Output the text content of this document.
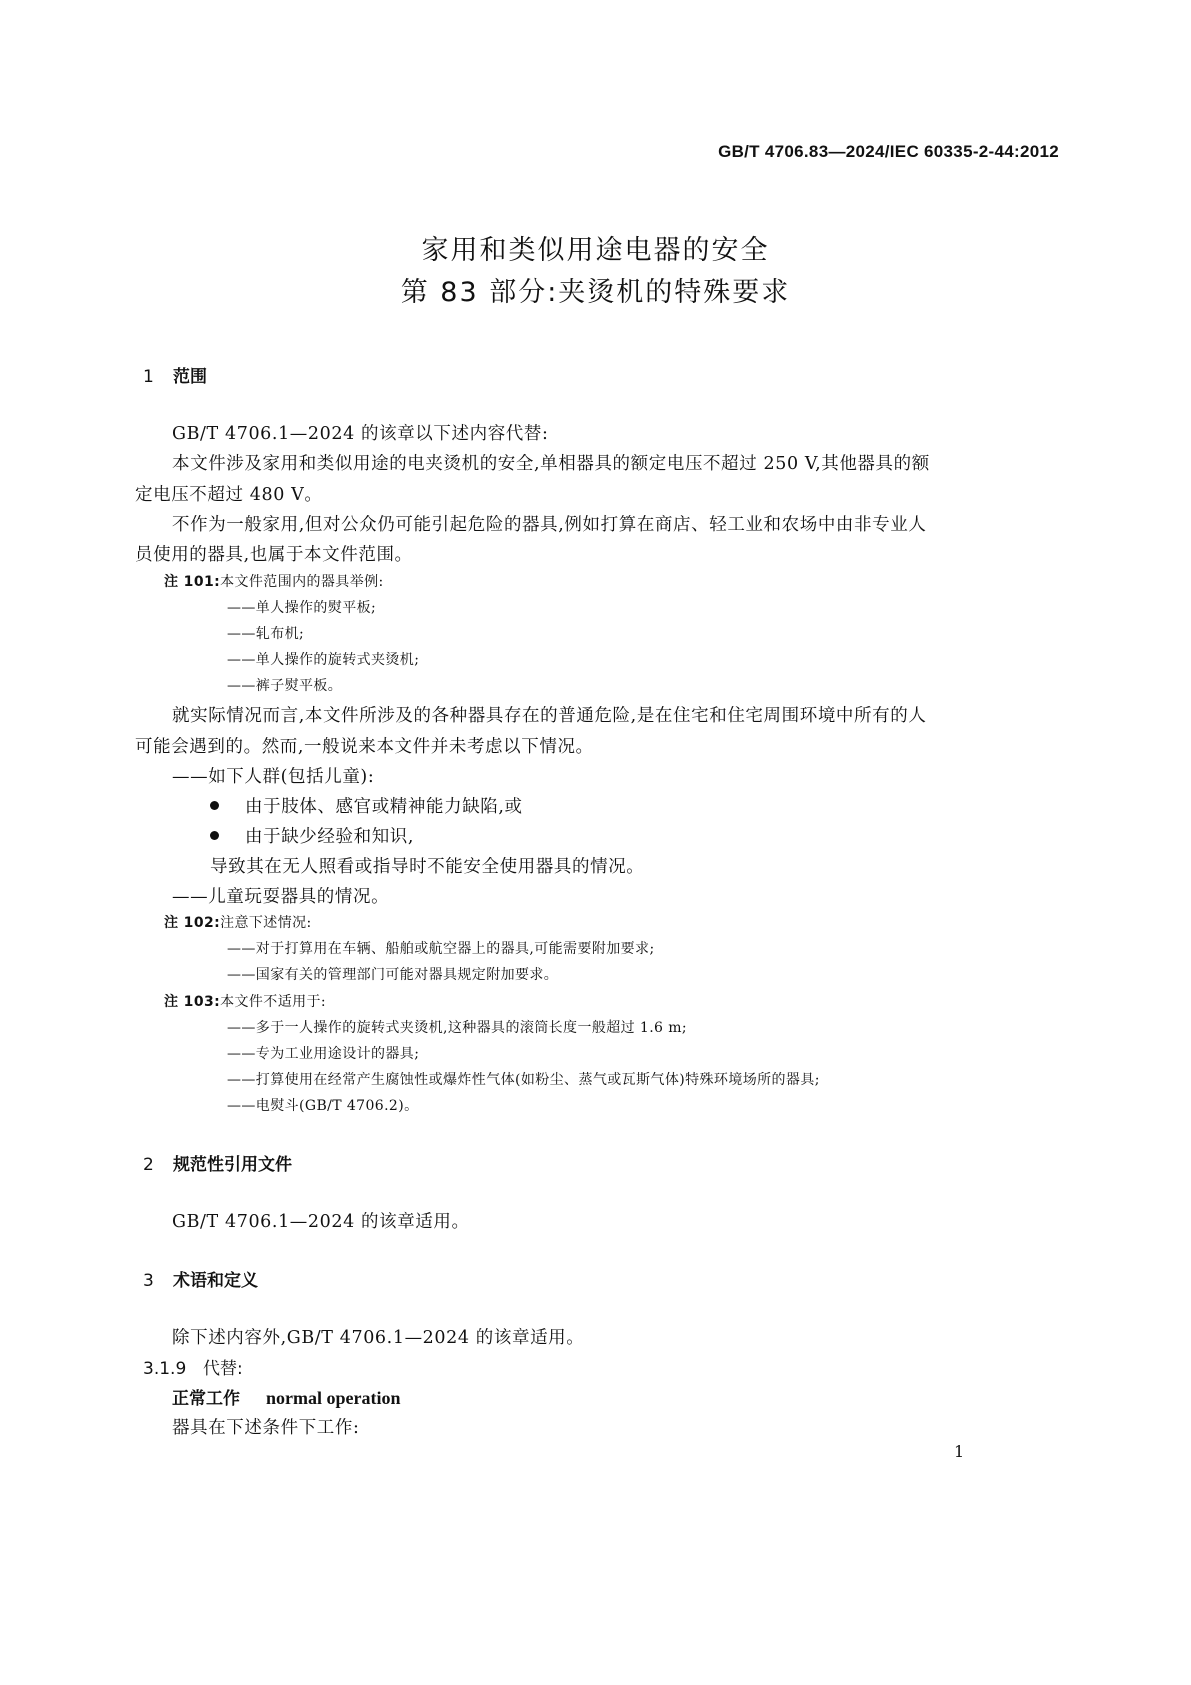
GB/T 4706.83—2024/IEC 60335-2-44:2012
家用和类似用途电器的安全
第 83 部分:夹烫机的特殊要求
1 范围
GB/T 4706.1—2024 的该章以下述内容代替:
本文件涉及家用和类似用途的电夹烫机的安全,单相器具的额定电压不超过 250 V,其他器具的额
定电压不超过 480 V。
不作为一般家用,但对公众仍可能引起危险的器具,例如打算在商店、轻工业和农场中由非专业人
员使用的器具,也属于本文件范围。
注 101:本文件范围内的器具举例:
——单人操作的熨平板;
——轧布机;
——单人操作的旋转式夹烫机;
——裤子熨平板。
就实际情况而言,本文件所涉及的各种器具存在的普通危险,是在住宅和住宅周围环境中所有的人
可能会遇到的。然而,一般说来本文件并未考虑以下情况。
——如下人群(包括儿童):
由于肢体、感官或精神能力缺陷,或
由于缺少经验和知识,
导致其在无人照看或指导时不能安全使用器具的情况。
——儿童玩耍器具的情况。
注 102:注意下述情况:
——对于打算用在车辆、船舶或航空器上的器具,可能需要附加要求;
——国家有关的管理部门可能对器具规定附加要求。
注 103:本文件不适用于:
——多于一人操作的旋转式夹烫机,这种器具的滚筒长度一般超过 1.6 m;
——专为工业用途设计的器具;
——打算使用在经常产生腐蚀性或爆炸性气体(如粉尘、蒸气或瓦斯气体)特殊环境场所的器具;
——电熨斗(GB/T 4706.2)。
2 规范性引用文件
GB/T 4706.1—2024 的该章适用。
3 术语和定义
除下述内容外,GB/T 4706.1—2024 的该章适用。
3.1.9 代替:
正常工作 normal operation
器具在下述条件下工作:
1
